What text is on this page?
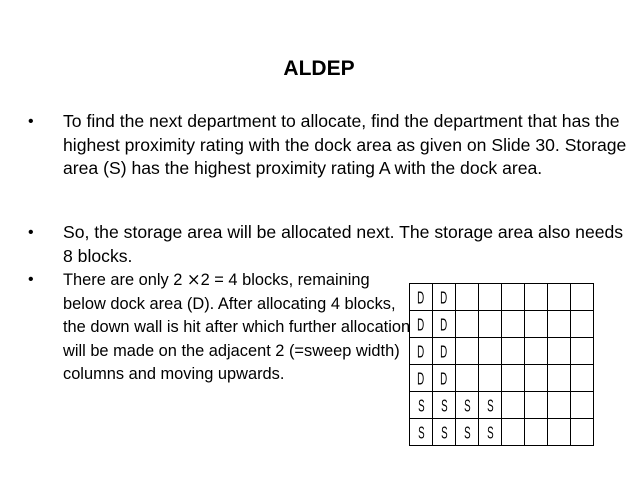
ALDEP
• To find the next department to allocate, find the department that has the highest proximity rating with the dock area as given on Slide 30. Storage area (S) has the highest proximity rating A with the dock area.
• So, the storage area will be allocated next. The storage area also needs 8 blocks.
• There are only 2 ×2 = 4 blocks, remaining below dock area (D). After allocating 4 blocks, the down wall is hit after which further allocation will be made on the adjacent 2 (=sweep width) columns and moving upwards.
D	D						
D	D						
D	D						
D	D						
S	S	S	S				
S	S	S	S				
